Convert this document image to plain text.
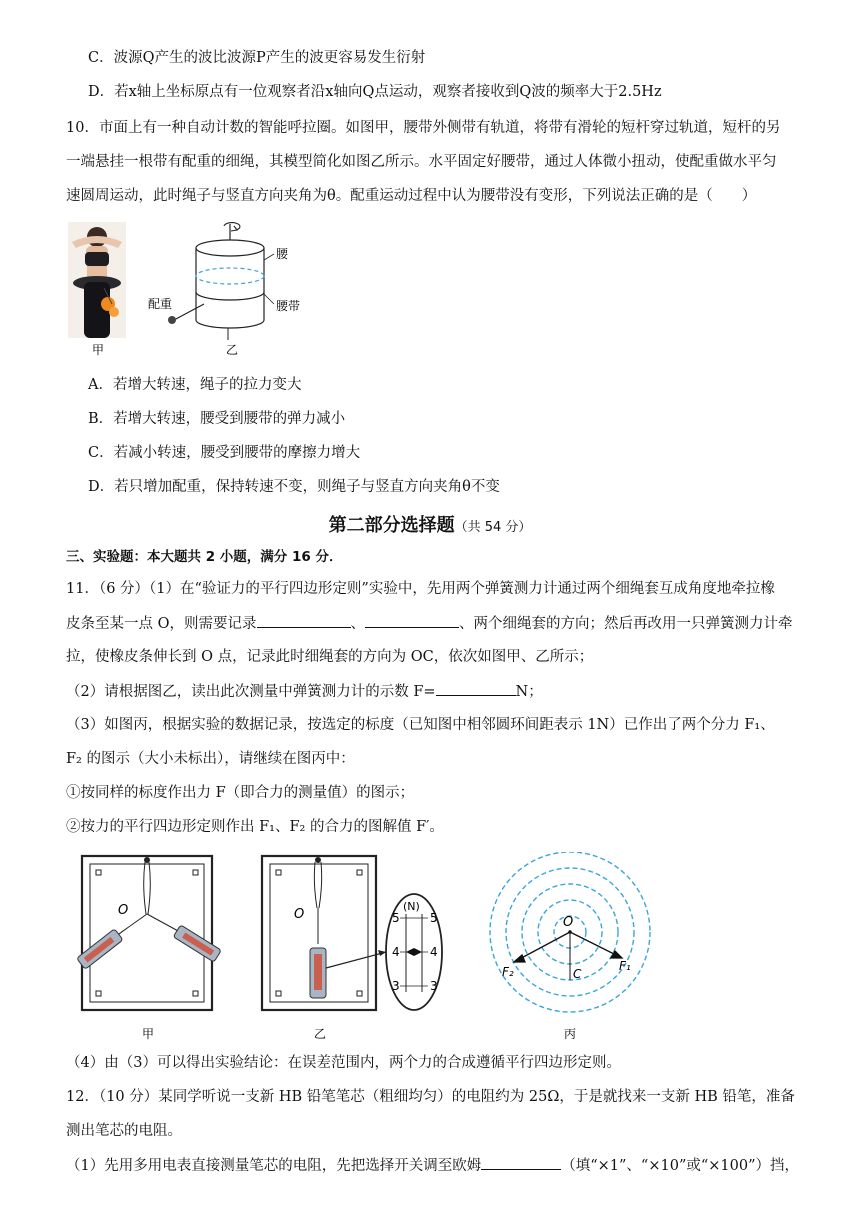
C．波源Q产生的波比波源P产生的波更容易发生衍射
D．若x轴上坐标原点有一位观察者沿x轴向Q点运动，观察者接收到Q波的频率大于2.5Hz
10．市面上有一种自动计数的智能呼拉圈。如图甲，腰带外侧带有轨道，将带有滑轮的短杆穿过轨道，短杆的另
一端悬挂一根带有配重的细绳，其模型简化如图乙所示。水平固定好腰带，通过人体微小扭动，使配重做水平匀
速圆周运动，此时绳子与竖直方向夹角为θ。配重运动过程中认为腰带没有变形，下列说法正确的是（　　）
甲
腰
腰带
配重
乙
A．若增大转速，绳子的拉力变大
B．若增大转速，腰受到腰带的弹力减小
C．若减小转速，腰受到腰带的摩擦力增大
D．若只增加配重，保持转速不变，则绳子与竖直方向夹角θ不变
第二部分选择题（共 54 分）
三、实验题：本大题共 2 小题，满分 16 分．
11．（6 分）（1）在“验证力的平行四边形定则”实验中，先用两个弹簧测力计通过两个细绳套互成角度地牵拉橡
皮条至某一点 O，则需要记录	、	、两个细绳套的方向；然后再改用一只弹簧测力计牵
拉，使橡皮条伸长到 O 点，记录此时细绳套的方向为 OC，依次如图甲、乙所示；
（2）请根据图乙，读出此次测量中弹簧测力计的示数 F=	N；
（3）如图丙，根据实验的数据记录，按选定的标度（已知图中相邻圆环间距表示 1N）已作出了两个分力 F₁、
F₂ 的图示（大小未标出），请继续在图丙中：
①按同样的标度作出力 F（即合力的测量值）的图示；
②按力的平行四边形定则作出 F₁、F₂ 的合力的图解值 F′。
O
甲
O
乙
(N)
5	5
4	4
3	3
O
F₂	F₁
C
丙
（4）由（3）可以得出实验结论：在误差范围内，两个力的合成遵循平行四边形定则。
12．（10 分）某同学听说一支新 HB 铅笔笔芯（粗细均匀）的电阻约为 25Ω，于是就找来一支新 HB 铅笔，准备
测出笔芯的电阻。
（1）先用多用电表直接测量笔芯的电阻，先把选择开关调至欧姆	（填“×1”、“×10”或“×100”）挡，
